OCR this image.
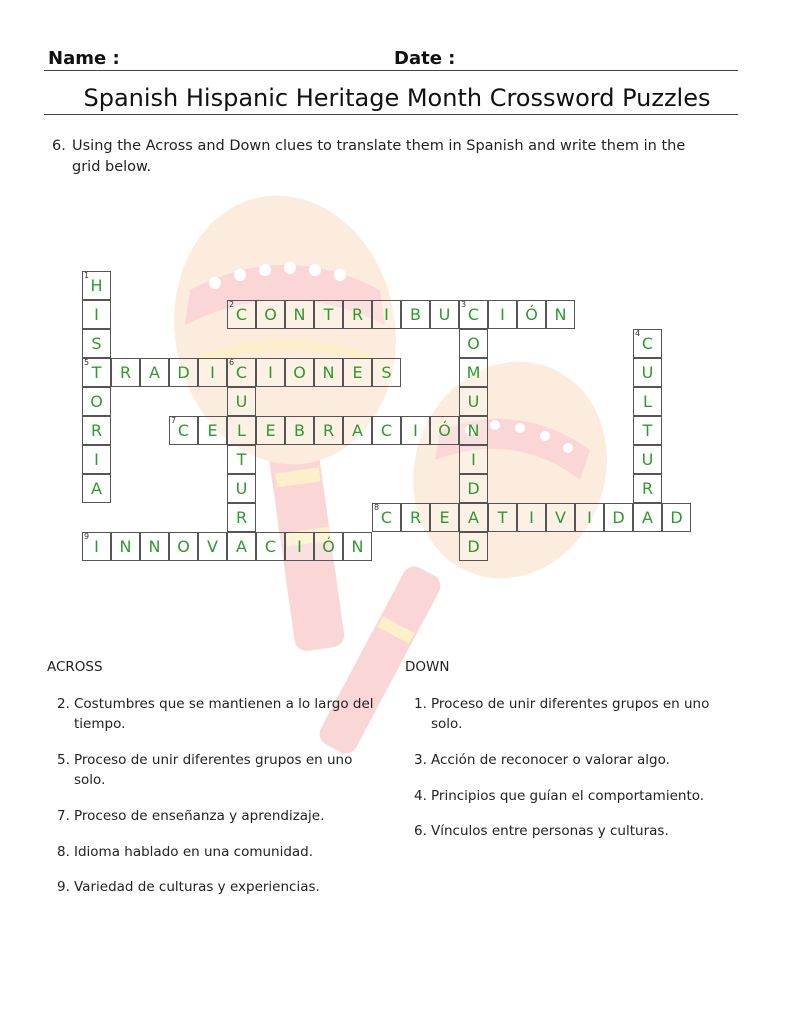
Name :	Date :
Spanish Hispanic Heritage Month Crossword Puzzles
6. Using the Across and Down clues to translate them in Spanish and write them in the grid below.
H
1
I
S
T
5
O
R
I
A
C
2
O N T R I B U C
3
I Ó N
O
M
U
N
I
D
A
D
C
4
U
L
T
U
R
A
R A D I C
6
I O N E S
U
L
T
U
R
C
7
E	E B R A C I Ó
C
8
R E	T I V I D	D
I
9
N N O V A C I Ó N
ACROSS	DOWN
2. Costumbres que se mantienen a lo largo del tiempo.
5. Proceso de unir diferentes grupos en uno solo.
7. Proceso de enseñanza y aprendizaje.
8. Idioma hablado en una comunidad.
9. Variedad de culturas y experiencias.
1. Proceso de unir diferentes grupos en uno solo.
3. Acción de reconocer o valorar algo.
4. Principios que guían el comportamiento.
6. Vínculos entre personas y culturas.
